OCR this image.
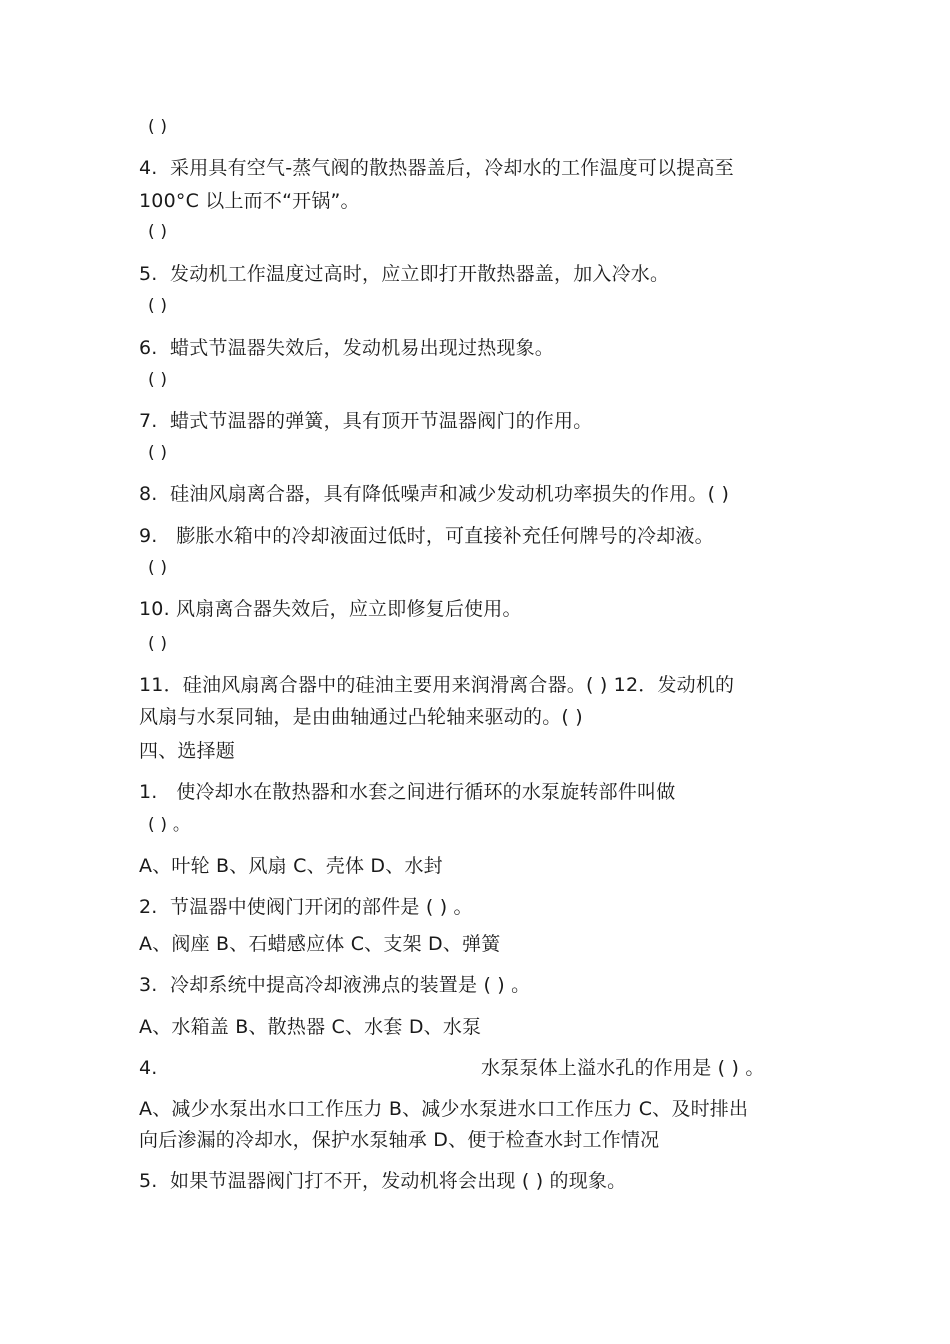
( )
4.  采用具有空气-蒸气阀的散热器盖后，冷却水的工作温度可以提高至
100°C 以上而不“开锅”。
( )
5.  发动机工作温度过高时，应立即打开散热器盖，加入冷水。
( )
6.  蜡式节温器失效后，发动机易出现过热现象。
( )
7.  蜡式节温器的弹簧，具有顶开节温器阀门的作用。
( )
8.  硅油风扇离合器，具有降低噪声和减少发动机功率损失的作用。( )
9.   膨胀水箱中的冷却液面过低时，可直接补充任何牌号的冷却液。
( )
10. 风扇离合器失效后，应立即修复后使用。
( )
11．硅油风扇离合器中的硅油主要用来润滑离合器。( ) 12．发动机的
风扇与水泵同轴，是由曲轴通过凸轮轴来驱动的。( )
四、选择题
1.   使冷却水在散热器和水套之间进行循环的水泵旋转部件叫做
( ) 。
A、叶轮 B、风扇 C、壳体 D、水封
2.  节温器中使阀门开闭的部件是 ( ) 。
A、阀座 B、石蜡感应体 C、支架 D、弹簧
3.  冷却系统中提高冷却液沸点的装置是 ( ) 。
A、水箱盖 B、散热器 C、水套 D、水泵
4.	水泵泵体上溢水孔的作用是 ( ) 。
A、减少水泵出水口工作压力 B、减少水泵进水口工作压力 C、及时排出
向后渗漏的冷却水，保护水泵轴承 D、便于检查水封工作情况
5.  如果节温器阀门打不开，发动机将会出现 ( ) 的现象。
